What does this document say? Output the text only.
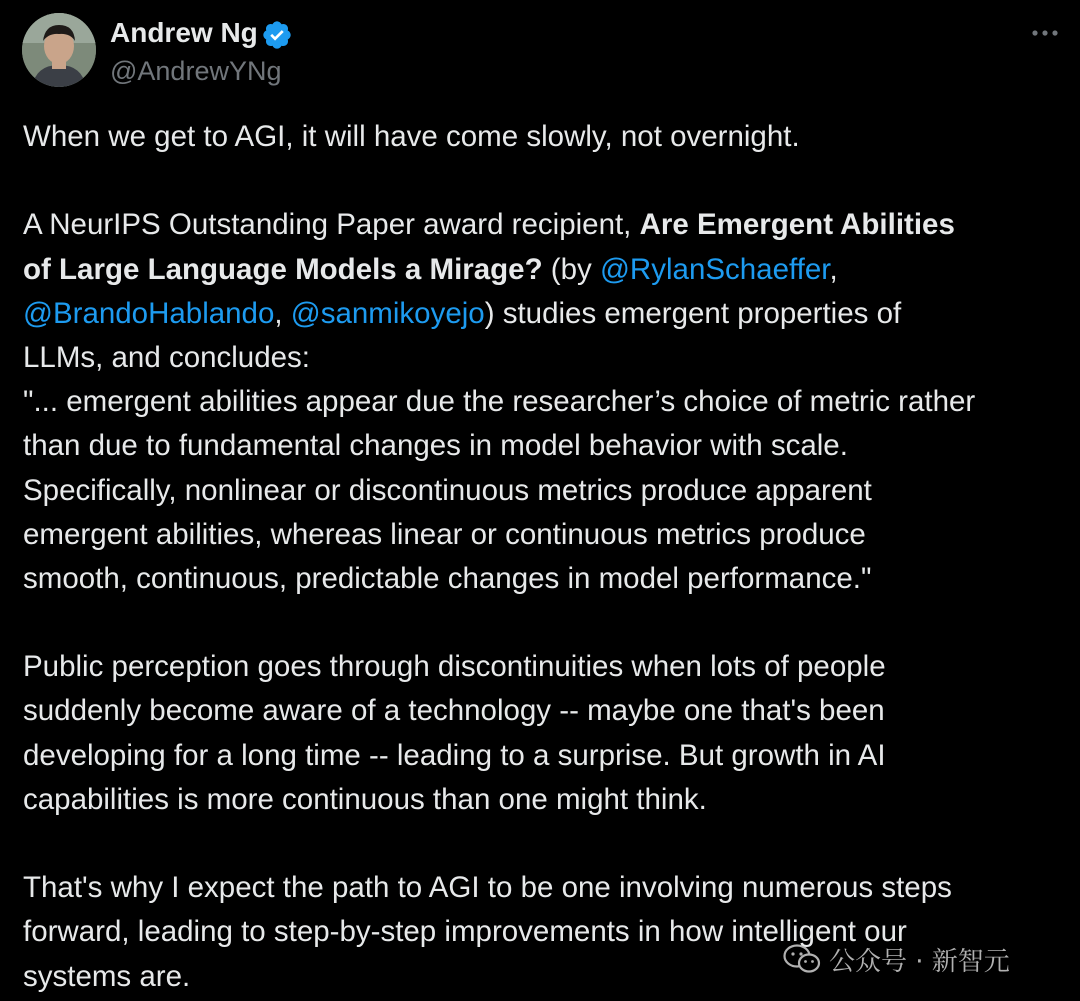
Andrew Ng
@AndrewYNg
When we get to AGI, it will have come slowly, not overnight.
A NeurIPS Outstanding Paper award recipient, Are Emergent Abilities
of Large Language Models a Mirage? (by @RylanSchaeffer,
@BrandoHablando, @sanmikoyejo) studies emergent properties of
LLMs, and concludes:
"... emergent abilities appear due the researcher’s choice of metric rather
than due to fundamental changes in model behavior with scale.
Specifically, nonlinear or discontinuous metrics produce apparent
emergent abilities, whereas linear or continuous metrics produce
smooth, continuous, predictable changes in model performance."
Public perception goes through discontinuities when lots of people
suddenly become aware of a technology -- maybe one that's been
developing for a long time -- leading to a surprise. But growth in AI
capabilities is more continuous than one might think.
That's why I expect the path to AGI to be one involving numerous steps
forward, leading to step-by-step improvements in how intelligent our
systems are.	公众号 · 新智元
